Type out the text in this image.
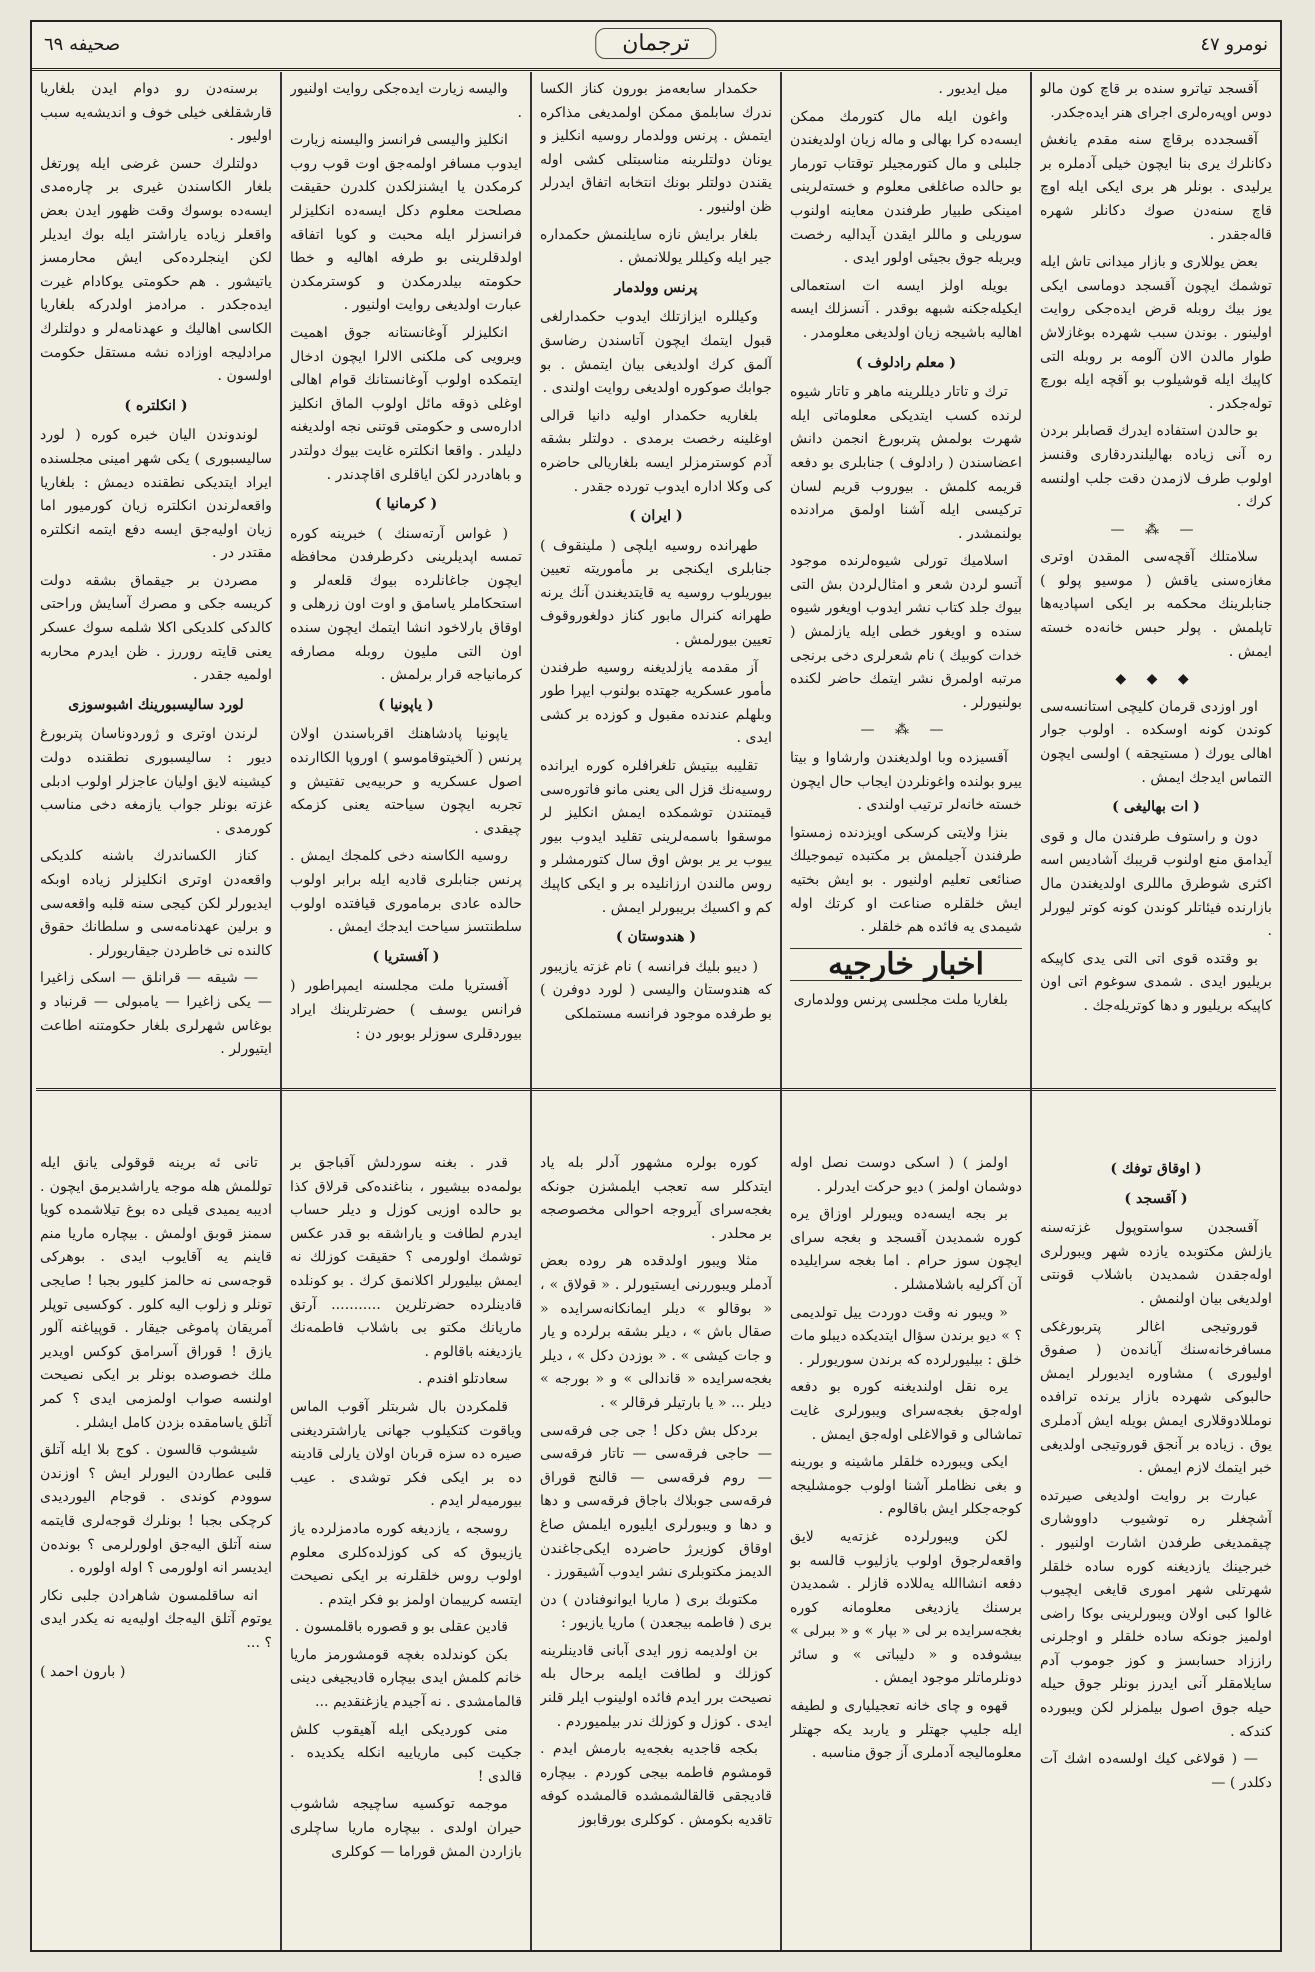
نومرو ٤٧
ترجمان
صحيفه ٦٩
آقسجد تیاترو سنده بر قاچ کون مالو دوس اوپه‌ره‌لری اجرای هنر ایده‌جکدر.
آقسجدده برقاچ سنه مقدم یانغش دکانلرك یری بنا ایچون خیلی آدملره بر یرلیدی . بونلر هر بری ایکی ایله اوچ قاچ سنه‌دن صوك دکانلر شهره قاله‌جقدر .
بعض یوللاری و بازار میدانی تاش ایله توشمك ایچون آقسجد دوماسی ایکی یوز بیك روبله قرض ایده‌جکی روایت اولینور . بوندن سبب شهرده بوغازلاش طوار مالدن الان آلومه بر روبله التی کاپیك ایله قوشیلوب بو آقچه ایله بورچ توله‌جکدر .
بو حالدن استفاده ایدرك قصابلر بردن ره آنی زیاده بهالیلندردقاری وقنسز اولوب طرف لازمدن دقت جلب اولنسه کرك .
— ⁂ —
سلامتلك آقچه‌سی المقدن اوتری مغازه‌سنی یاقش ( موسیو پولو ) جنابلرینك محکمه بر ایکی اسپادیه‌ها تاپلمش . پولر حبس خانه‌ده خسته ایمش .
◆ ◆ ◆
اور اوزدی قرمان کلیچی استانسه‌سی کوندن کونه اوسکده . اولوب جوار اهالی یورك ( مستیجقه ) اولسی ایچون التماس ایدجك ایمش .
( ات بهالیغی )
دون و راستوف طرفندن مال و قوی آیدامق منع اولنوب قریبك آشادیس اسه اکثری شوطرق ماللری اولدیغندن مال بازارنده فیئاتلر کوندن کونه کوتر لیورلر .
بو وقتده قوی اتی التی یدی کاپیکه بریلیور ایدی . شمدی سوغوم اتی اون کاپیکه بریلیور و دها کوتریله‌جك .
( اوقاق توفك )
( آقسجد )
آقسجدن سواستوپول غزته‌سنه یازلش مکتوبده یازده شهر ویبورلری اوله‌جقدن شمدیدن باشلاب قونتی اولدیغی بیان اولنمش .
قوروتیجی اغالر پتربورغکی مسافرخانه‌سنك آیانده‌ن ( صفوق اولیوری ) مشاوره ایدیورلر ایمش حالبوکی شهرده بازار یرنده ترافده نومللادوقلاری ایمش بویله ایش آدملری یوق . زیاده بر آنجق قوروتیجی اولدیغی خبر ایتمك لازم ایمش .
عبارت بر روایت اولدیغی صیرتده آشچغلر ره توشیوب داووشاری چیقمدیغی طرفدن اشارت اولنیور . خبرجینك یازدیغنه کوره ساده خلقلر شهرتلی شهر اموری قایغی ایچیوب غالوا کبی اولان ویبورلرینی بوکا راضی اولمیز جونکه ساده خلقلر و اوجلرنی راززاد حسابسز و کوز جوموب آدم سایلامقلر آنی ایدرز بونلر جوق حیله حیله جوق اصول بیلمزلر لکن ویبورده کندکه .
— ( قولاغی کیك اولسه‌ده اشك آت دکلدر ) —
میل ایدیور .
واغون ایله مال کتورمك ممکن ایسه‌ده کرا بهالی و ماله زیان اولدیغندن جلبلی و مال کتورمجیلر توقتاب تورمار بو حالده صاغلغی معلوم و خسته‌لرینی امینکی طبیار طرفندن معاینه اولنوب سوریلی و ماللر ایقدن آیدالیه رخصت ویریله جوق بجیئی اولور ایدی .
بویله اولز ایسه ات استعمالی ایکیله‌جکنه شبهه بوقدر . آنسزلك ایسه اهالیه باشیجه زیان اولدیغی معلومدر .
( معلم رادلوف )
ترك و تاتار دیللرینه ماهر و تاتار شیوه لرنده کسب ایتدیکی معلوماتی ایله شهرت بولمش پتربورغ انجمن دانش اعضاسندن ( رادلوف ) جنابلری بو دفعه قریمه کلمش . بیوروب قریم لسان ترکیسی ایله آشنا اولمق مرادنده بولنمشدر .
اسلامیك تورلی شیوه‌لرنده موجود آتسو لردن شعر و امثال‌لردن بش التی بیوك جلد کتاب نشر ایدوب اویغور شیوه سنده و اویغور خطی ایله یازلمش ( خدات کوبیك ) نام شعرلری دخی برنجی مرتبه اولمرق نشر ایتمك حاضر لکنده بولنیورلر .
— ⁂ —
آقسیزده وبا اولدیغندن وارشاوا و بیتا ییرو بولنده واغونلردن ایجاب حال ایچون خسته خانه‌لر ترتیب اولندی .
بنزا ولایتی کرسکی اویزدنده زمستوا طرفندن آجیلمش بر مکتبده تیموجیلك صنائعی تعلیم اولنیور . بو ایش بختیه ایش خلقلره صناعت او کرتك اوله شیمدی یه فائده هم خلقلر .
اخبار خارجیه
بلغاریا ملت مجلسی پرنس وولدماری
اولمز ) ( اسکی دوست نصل اوله دوشمان اولمز ) دیو حرکت ایدرلر .
بر بجه ایسه‌ده ویبورلر اوزاق یره کوره شمدیدن آقسجد و بغجه سرای ایچون سوز حرام . اما بغجه سرایلیده آن آکرلیه باشلامشلر .
« ویبور نه وقت دوردت ییل تولدیمی ؟ » دیو برندن سؤال ایتدیکده دیبلو مات خلق : بیلیورلرده که برندن سوریورلر .
یره نقل اولندیغنه کوره بو دفعه اوله‌جق بغجه‌سرای ویبورلری غایت تماشالی و قوالاغلی اوله‌جق ایمش .
ایکی ویبورده خلقلر ماشینه و بورینه و بغی نظاملر آشنا اولوب جومشلیجه کوجه‌جکلر ایش باقالوم .
لکن ویبورلرده غزته‌یه لایق واقعه‌لرجوق اولوب یازلیوب قالسه بو دفعه انشاالله یه‌للاده قازلر . شمدیدن برسنك یازدیغی معلومانه کوره بغجه‌سرایده بر لی « بپار » و « ببرلی » بیشوفده و « دلیباتی » و سائر دونلرماتلر موجود ایمش .
قهوه و چای خانه تعجیلیاری و لطیفه ایله جلیپ جهتلر و یاربد یکه جهتلر معلومالیجه آدملری آز جوق مناسبه .
حکمدار سابعه‌مز بورون کناز الکسا ندرك سابلمق ممکن اولمدیغی مذاکره ایتمش . پرنس وولدمار روسیه انکلیز و یونان دولتلرینه مناسبتلی کشی اوله یقندن دولتلر بونك انتخابه اتفاق ایدرلر ظن اولنیور .
بلغار برایش نازه سایلنمش حکمداره جیر ایله وکیللر یوللانمش .
پرنس وولدمار
وکیللره ایزازتلك ایدوب حکمدارلغی قبول ایتمك ایچون آتاسندن رضاسق آلمق کرك اولدیغی بیان ایتمش . بو جوابك صوکوره اولدیغی روایت اولندی .
بلغاریه حکمدار اولیه دانیا قرالی اوغلینه رخصت برمدی . دولتلر بشقه آدم کوسترمزلر ایسه بلغاریالی حاضره کی وکلا اداره ایدوب تورده جقدر .
( ایران )
طهرانده روسیه ایلچی ( ملینقوف ) جنابلری ایکنجی بر مأموریته تعیین بیوریلوب روسیه یه قایتدیغندن آنك یرنه طهرانه کنرال مابور کناز دولغوروقوف تعیین بیورلمش .
آز مقدمه یازلدیغنه روسیه طرفندن مأمور عسکریه جهتده بولنوب ایپرا طور وبلهلم عندنده مقبول و کوزده بر کشی ایدی .
تقلیبه بیتیش تلغرافلره کوره ایرانده روسیه‌نك قزل الی یعنی مانو فاتوره‌سی قیمتندن توشمکده ایمش انکلیز لر موسقوا باسمه‌لرینی تقلید ایدوب بیور ییوب یر یر بوش اوق سال کتورمشلر و روس مالندن ارزانلیده بر و ایکی کاپیك کم و اکسیك بریبورلر ایمش .
( هندوستان )
( دیبو بلیك فرانسه ) نام غزته یازیبور که هندوستان والیسی ( لورد دوفرن ) بو طرفده موجود فرانسه مستملکی
کوره بولره مشهور آدلر بله یاد ایتدکلر سه تعجب ایلمشزن جونکه بغجه‌سرای آیروجه احوالی مخصوصجه بر محلدر .
مثلا ویبور اولدقده هر روده بعض آدملر ویبوررنی ایستیورلر . « قولاق » ، « بوقالو » دیلر ایمانکانه‌سرایده « صقال باش » ، دیلر بشقه برلرده و یار و جات کیشی » . « بوزدن دکل » ، دیلر بغجه‌سرایده « قاندالی » و « بورجه » دیلر ... « یا بارتیلر فرقالر » .
بردکل بش دکل ! جی جی فرقه‌سی — حاجی فرقه‌سی — تاتار فرقه‌سی — روم فرقه‌سی — قالنج قوراق فرقه‌سی جوبلاك باجاق فرقه‌سی و دها و دها و ویبورلری ایلیوره ایلمش صاغ اوقاق کوزیرژ حاضرده ایکی‌جاغندن الدیمز مکتوبلری نشر ایدوب آشیقورز .
مکتوبك بری ( ماریا ایوانوفنادن ) دن بری ( فاطمه بیجعدن ) ماریا یازیور :
بن اولدیمه زور ایدی آبانی قادینلرینه کوزلك و لطافت ایلمه برحال بله نصیحت برر ایدم فائده اولینوب ایلر قلنر ایدی . کوزل و کوزلك ندر بیلمیوردم .
بکجه قاجدیه بغجه‌یه بارمش ایدم . قومشوم فاطمه بیجی کوردم . بیچاره قادیجقی قالقالشمشده قالمشده کوفه تاقدیه بکومش . کوکلری بورقابوز
والیسه زیارت ایده‌جکی روایت اولنیور .
انکلیز والیسی فرانسز والیسنه زیارت ایدوب مسافر اولمه‌جق اوت قوب روب کرمکدن یا ایشنزلکدن کلدرن حقیقت مصلحت معلوم دکل ایسه‌ده انکلیزلر فرانسزلر ایله محبت و کویا اتفاقه اولدقلرینی بو طرفه اهالیه و خطا حکومته بیلدرمکدن و کوسترمکدن عبارت اولدیغی روایت اولنیور .
انکلیزلر آوغانستانه جوق اهمیت ویرویی کی ملکنی الالرا ایچون ادخال ایتمکده اولوب آوغانستانك قوام اهالی اوغلی ذوقه مائل اولوب الماق انکلیز اداره‌سی و حکومتی قوتنی نجه اولدیغنه دلیلدر . واقعا انکلتره غایت بیوك دولتدر و باهادردر لکن ایاقلری اقاچدندر .
( کرمانیا )
( غواس آرته‌سنك ) خبرینه کوره تمسه اپدیلرینی دکرطرفدن محافظه ایچون جاغانلرده بیوك قلعه‌لر و استحکاملر یاسامق و اوت اون زرهلی و اوقاق بارلاخود انشا ایتمك ایچون سنده اون التی ملیون روبله مصارفه کرمانیاجه قرار برلمش .
( یاپونیا )
یاپونیا پادشاهنك اقرباسندن اولان پرنس ( آلخیتوقاموسو ) اوروپا الکاارنده اصول عسکریه و حربیه‌یی تفتیش و تجربه ایچون سیاحته یعنی کزمکه چیقدی .
روسیه الکاسنه دخی کلمجك ایمش . پرنس جنابلری قادیه ایله برابر اولوب حالده عادی برماموری قیافتده اولوب سلطنتسز سیاحت ایدجك ایمش .
( آفستریا )
آفستریا ملت مجلسنه ایمپراطور ( فرانس یوسف ) حضرتلرینك ایراد بیوردقلری سوزلر بوبور دن :
قدر . بغنه سوردلش آقباجق بر بولمه‌ده بیشیور ، بناغنده‌کی قرلاق کذا بو حالده اوزیی کوزل و دیلر حساب ایدرم لطافت و یاراشقه بو قدر عکس توشمك اولورمی ؟ حقیقت کوزلك نه ایمش بیلیورلر اکلانمق کرك . بو کونلده قادینلرده حضرتلرین ........... آرتق ماریانك مکتو بی باشلاب فاطمه‌نك یازدیغنه باقالوم .
سعادتلو افندم .
قلمکردن بال شربتلر آقوب الماس ویاقوت کتکیلوب جهانی یاراشتردیغنی صیره ده سزه قربان اولان یارلی قادینه ده بر ایکی فکر توشدی . عیب بیورمیه‌لر ایدم .
روسجه ، یازدیغه کوره مادمزلرده یاز یازیبوق که کی کوزلده‌کلری معلوم اولوب روس خلقلرنه بر ایکی نصیحت ایتسه کرییمان اولمز بو فکر ایتدم .
قادین عقلی بو و قصوره باقلمسون .
بکن کوندلده بغچه قومشورمز ماریا خانم کلمش ایدی بیچاره قادیجیغی دینی قالمامشدی . نه آجیدم یازغنقدیم ...
منی کوردیکی ایله آهیقوب کلش جکیت کبی ماریاییه انکله یکدیده . قالدی !
موجمه توکسیه ساچیجه شاشوب حیران اولدی . بیچاره ماریا ساچلری بازاردن المش قوراما — کوکلری
برسنه‌دن رو دوام ایدن بلغاریا قارشقلغی خیلی خوف و اندیشه‌یه سبب اولیور .
دولتلرك حسن غرضی ایله پورتغل بلغار الکاسندن غیری بر چاره‌مدی ایسه‌ده بوسوك وقت ظهور ایدن بعض واقعلر زیاده یاراشتر ایله بوك ایدیلر لکن اینجلرده‌کی ایش محارمسز یاتیشور . هم حکومتی یوکادام غیرت ایده‌جکدر . مرادمز اولدرکه بلغاریا الکاسی اهالیك و عهدنامه‌لر و دولتلرك مرادلیجه اوزاده نشه مستقل حکومت اولسون .
( انکلتره )
لوندوندن الیان خبره کوره ( لورد سالیسبوری ) یکی شهر امینی مجلسنده ایراد ایتدیکی نطقنده دیمش : بلغاریا واقعه‌لرندن انکلتره زیان کورمیور اما زیان اولیه‌جق ایسه دفع ایتمه انکلتره مقتدر در .
مصردن بر جیقماق بشقه دولت کریسه جکی و مصرك آسایش وراحتی کالدکی کلدیکی اکلا شلمه سوك عسکر یعنی قایته روررز . ظن ایدرم محاربه اولمیه جقدر .
لورد سالیسبورینك اشبوسوزی
لرندن اوتری و ژوردوناسان پتربورغ دیور : سالیسبوری نطقنده دولت کیشینه لایق اولیان عاجزلر اولوب ادبلی غزته بونلر جواب یازمغه دخی مناسب کورمدی .
کناز الکساندرك باشنه کلدیکی واقعه‌دن اوتری انکلیزلر زیاده اوبکه ایدیورلر لکن کیجی سنه قلبه واقعه‌سی و برلین عهدنامه‌سی و سلطانك حقوق کالنده نی خاطردن جیقاریورلر .
— شیقه — قرانلق — اسکی زاغیرا — یکی زاغیرا — یامبولی — قرنباد و بوغاس شهرلری بلغار حکومتنه اطاعت ایتیورلر .
تانی ئه برینه قوقولی یانق ایله توللمش هله موجه یاراشدیرمق ایچون . ادیبه یمیدی قیلی ده بوغ تیلاشمده کویا سمنز قوبق اولمش . بیچاره ماریا منم قاینم یه آقایوب ایدی . بوهرکی قوجه‌سی نه حالمز کلیور بجبا ! صایجی تونلر و زلوب الیه کلور . کوکسیی توپلر آمریقان پاموغی جیقار . قوپیاغنه آلور یازق ! قوراق آسرامق کوکس اویدیر ملك خصوصده بونلر بر ایکی نصیحت اولنسه صواب اولمزمی ایدی ؟ کمر آتلق یاسامقده بزدن کامل ایشلر .
شیشوب قالسون . کوج بلا ایله آتلق قلبی عطاردن الیورلر ایش ؟ اوزندن سوودم کوندی . قوجام الیوردیدی کرچکی بجبا ! بونلرك قوجه‌لری قایتمه سنه آتلق الیه‌جق اولورلرمی ؟ بونده‌ن ایدیسر انه اولورمی ؟ اوله اولوره .
انه ساقلمسون شاهرادن جلبی نکار یوتوم آتلق الیه‌جك اولیه‌یه نه یکدر ایدی ؟ ...
( بارون احمد )
